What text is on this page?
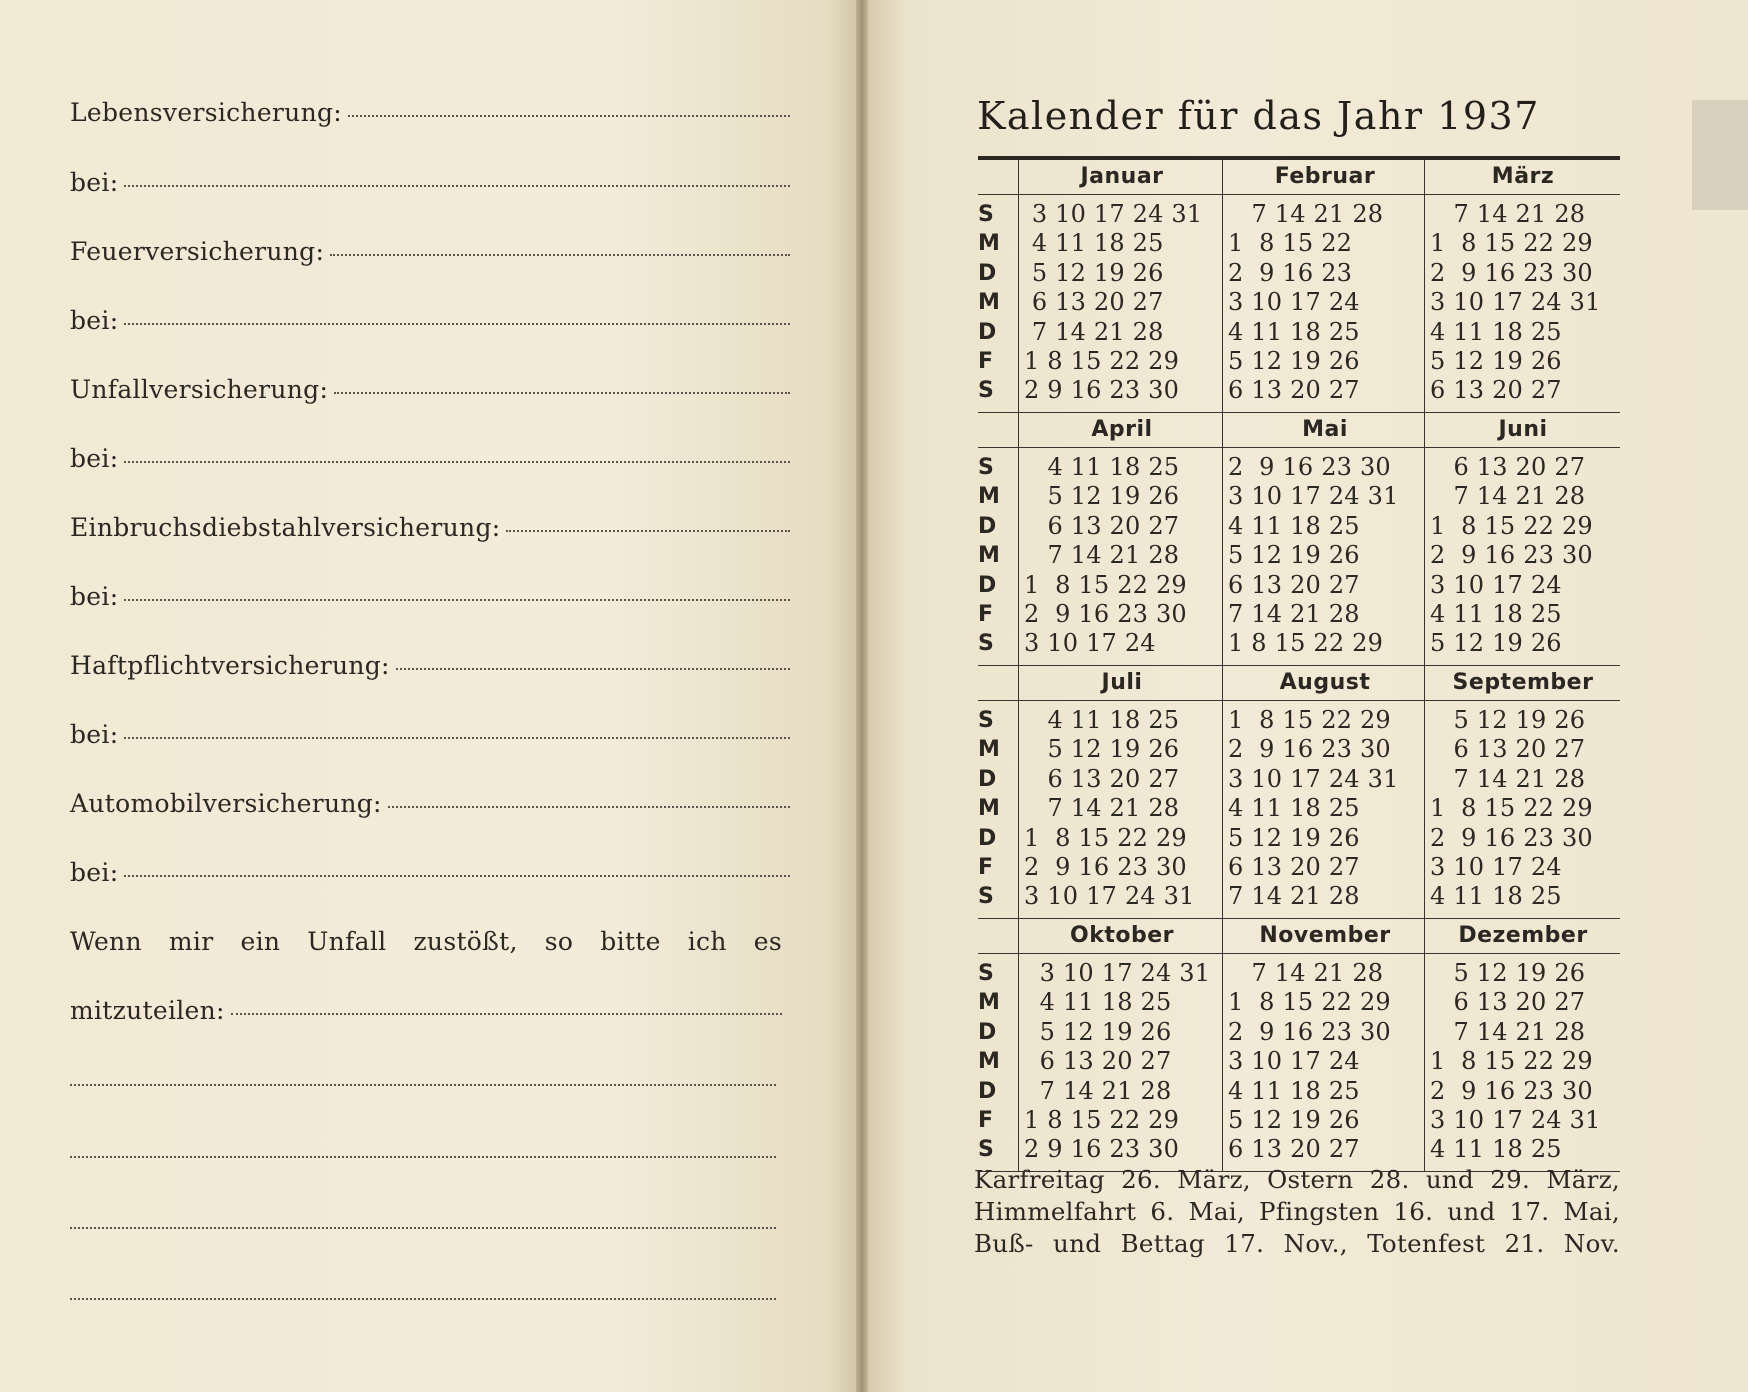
Lebensversicherung:
bei:
Feuerversicherung:
bei:
Unfallversicherung:
bei:
Einbruchsdiebstahlversicherung:
bei:
Haftpflichtversicherung:
bei:
Automobilversicherung:
bei:
Wenn mir ein Unfall zustößt, so bitte ich es
mitzuteilen:
Kalender für das Jahr 1937
S
M
D
M
D
F
S
Januar
3 10 17 24 31
4 11 18 25
5 12 19 26
6 13 20 27
7 14 21 28
1 8 15 22 29
2 9 16 23 30
Februar
7 14 21 28
1  8 15 22
2  9 16 23
3 10 17 24
4 11 18 25
5 12 19 26
6 13 20 27
März
7 14 21 28
1  8 15 22 29
2  9 16 23 30
3 10 17 24 31
4 11 18 25
5 12 19 26
6 13 20 27
S
M
D
M
D
F
S
April
4 11 18 25
5 12 19 26
6 13 20 27
7 14 21 28
1  8 15 22 29
2  9 16 23 30
3 10 17 24
Mai
2  9 16 23 30
3 10 17 24 31
4 11 18 25
5 12 19 26
6 13 20 27
7 14 21 28
1 8 15 22 29
Juni
6 13 20 27
7 14 21 28
1  8 15 22 29
2  9 16 23 30
3 10 17 24
4 11 18 25
5 12 19 26
S
M
D
M
D
F
S
Juli
4 11 18 25
5 12 19 26
6 13 20 27
7 14 21 28
1  8 15 22 29
2  9 16 23 30
3 10 17 24 31
August
1  8 15 22 29
2  9 16 23 30
3 10 17 24 31
4 11 18 25
5 12 19 26
6 13 20 27
7 14 21 28
September
5 12 19 26
6 13 20 27
7 14 21 28
1  8 15 22 29
2  9 16 23 30
3 10 17 24
4 11 18 25
S
M
D
M
D
F
S
Oktober
3 10 17 24 31
4 11 18 25
5 12 19 26
6 13 20 27
7 14 21 28
1 8 15 22 29
2 9 16 23 30
November
7 14 21 28
1  8 15 22 29
2  9 16 23 30
3 10 17 24
4 11 18 25
5 12 19 26
6 13 20 27
Dezember
5 12 19 26
6 13 20 27
7 14 21 28
1  8 15 22 29
2  9 16 23 30
3 10 17 24 31
4 11 18 25
Karfreitag 26. März, Ostern 28. und 29. März,
Himmelfahrt 6. Mai, Pfingsten 16. und 17. Mai,
Buß- und Bettag 17. Nov., Totenfest 21. Nov.
